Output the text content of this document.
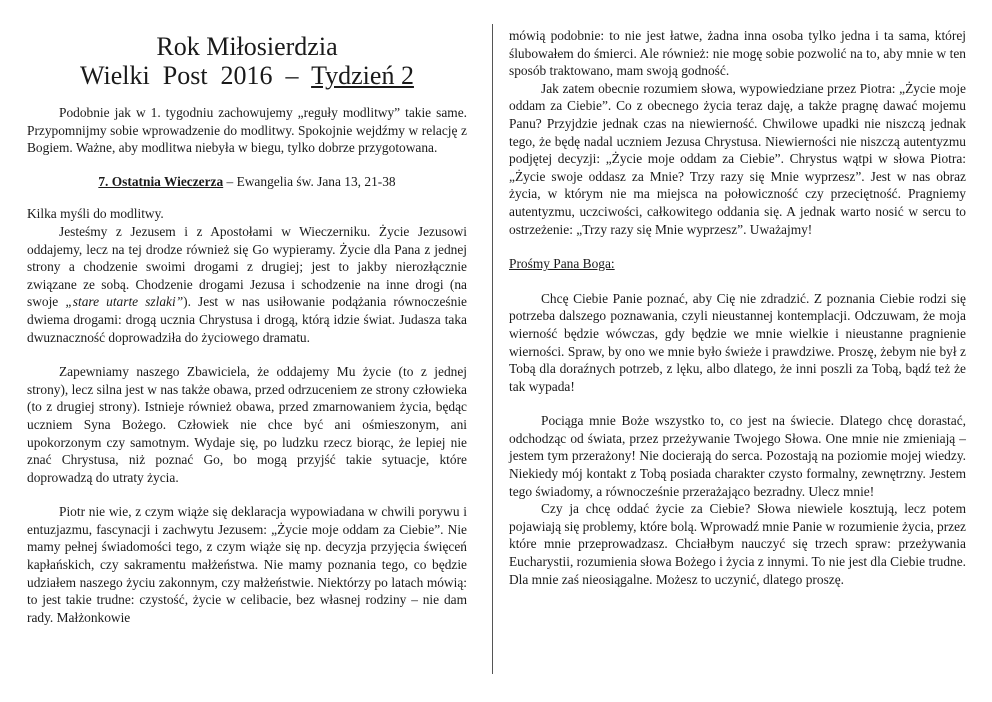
Rok Miłosierdzia
Wielki  Post  2016  –  Tydzień 2

Podobnie jak w 1. tygodniu zachowujemy „reguły modlitwy” takie same. Przypomnijmy sobie wprowadzenie do modlitwy. Spokojnie wejdźmy w relację z Bogiem. Ważne, aby modlitwa niebyła w biegu, tylko dobrze przygotowana.

7. Ostatnia Wieczerza – Ewangelia św. Jana 13, 21-38

Kilka myśli do modlitwy.

Jesteśmy z Jezusem i z Apostołami w Wieczerniku. Życie Jezusowi oddajemy, lecz na tej drodze również się Go wypieramy. Życie dla Pana z jednej strony a chodzenie swoimi drogami z drugiej; jest to jakby nierozłącznie związane ze sobą. Chodzenie drogami Jezusa i schodzenie na inne drogi (na swoje „stare utarte szlaki”). Jest w nas usiłowanie podążania równocześnie dwiema drogami: drogą ucznia Chrystusa i drogą, którą idzie świat. Judasza taka dwuznaczność doprowadziła do życiowego dramatu.

Zapewniamy naszego Zbawiciela, że oddajemy Mu życie (to z jednej strony), lecz silna jest w nas także obawa, przed odrzuceniem ze strony człowieka (to z drugiej strony). Istnieje również obawa, przed zmarnowaniem życia, będąc uczniem Syna Bożego. Człowiek nie chce być ani ośmieszonym, ani upokorzonym czy samotnym. Wydaje się, po ludzku rzecz biorąc, że lepiej nie znać Chrystusa, niż poznać Go, bo mogą przyjść takie sytuacje, które doprowadzą do utraty życia.

Piotr nie wie, z czym wiąże się deklaracja wypowiadana w chwili porywu i entuzjazmu, fascynacji i zachwytu Jezusem: „Życie moje oddam za Ciebie”. Nie mamy pełnej świadomości tego, z czym wiąże się np. decyzja przyjęcia święceń kapłańskich, czy sakramentu małżeństwa. Nie mamy poznania tego, co będzie udziałem naszego życiu zakonnym, czy małżeństwie. Niektórzy po latach mówią: to jest takie trudne: czystość, życie w celibacie, bez własnej rodziny – nie dam rady. Małżonkowie

mówią podobnie: to nie jest łatwe, żadna inna osoba tylko jedna i ta sama, której ślubowałem do śmierci. Ale również: nie mogę sobie pozwolić na to, aby mnie w ten sposób traktowano, mam swoją godność.

Jak zatem obecnie rozumiem słowa, wypowiedziane przez Piotra: „Życie moje oddam za Ciebie”. Co z obecnego życia teraz daję, a także pragnę dawać mojemu Panu? Przyjdzie jednak czas na niewierność. Chwilowe upadki nie niszczą jednak tego, że będę nadal uczniem Jezusa Chrystusa. Niewierności nie niszczą autentyzmu podjętej decyzji: „Życie moje oddam za Ciebie”. Chrystus wątpi w słowa Piotra: „Życie swoje oddasz za Mnie? Trzy razy się Mnie wyprzesz”. Jest w nas obraz życia, w którym nie ma miejsca na połowiczność czy przeciętność. Pragniemy autentyzmu, uczciwości, całkowitego oddania się. A jednak warto nosić w sercu to ostrzeżenie: „Trzy razy się Mnie wyprzesz”. Uważajmy!

Prośmy Pana Boga:

Chcę Ciebie Panie poznać, aby Cię nie zdradzić. Z poznania Ciebie rodzi się potrzeba dalszego poznawania, czyli nieustannej kontemplacji. Odczuwam, że moja wierność będzie wówczas, gdy będzie we mnie wielkie i nieustanne pragnienie wierności. Spraw, by ono we mnie było świeże i prawdziwe. Proszę, żebym nie był z Tobą dla doraźnych potrzeb, z lęku, albo dlatego, że inni poszli za Tobą, bądź też że tak wypada!

Pociąga mnie Boże wszystko to, co jest na świecie. Dlatego chcę dorastać, odchodząc od świata, przez przeżywanie Twojego Słowa. One mnie nie zmieniają – jestem tym przerażony! Nie docierają do serca. Pozostają na poziomie mojej wiedzy. Niekiedy mój kontakt z Tobą posiada charakter czysto formalny, zewnętrzny. Jestem tego świadomy, a równocześnie przerażająco bezradny. Ulecz mnie!

Czy ja chcę oddać życie za Ciebie? Słowa niewiele kosztują, lecz potem pojawiają się problemy, które bolą. Wprowadź mnie Panie w rozumienie życia, przez które mnie przeprowadzasz. Chciałbym nauczyć się trzech spraw: przeżywania Eucharystii, rozumienia słowa Bożego i życia z innymi. To nie jest dla Ciebie trudne. Dla mnie zaś nieosiągalne. Możesz to uczynić, dlatego proszę.
